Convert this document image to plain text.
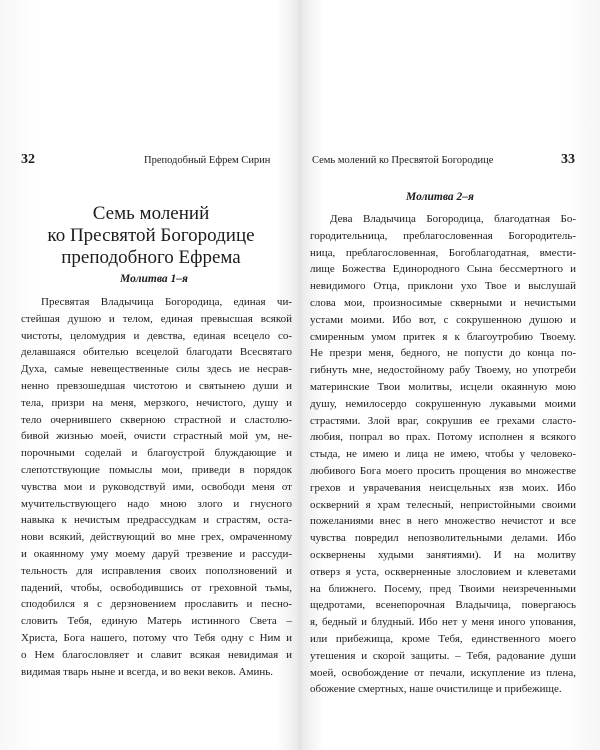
32	Преподобный Ефрем Сирин
Семь молений
ко Пресвятой Богородице
преподобного Ефрема
Молитва 1–я
Пресвятая Владычица Богородица, единая чи-
стейшая душою и телом, единая превысшая всякой
чистоты, целомудрия и девства, единая всецело со-
делавшаяся обителью всецелой благодати Всесвятаго
Духа, самые невещественные силы здесь ие несрав-
ненно превзошедшая чистотою и святынею души и
тела, призри на меня, мерзкого, нечистого, душу и
тело очернившего скверною страстной и сластолю-
бивой жизнью моей, очисти страстный мой ум, не-
порочными соделай и благоустрой блуждающие и
слепотствующие помыслы мои, приведи в порядок
чувства мои и руководствуй ими, освободи меня от
мучительствующего надо мною злого и гнусного
навыка к нечистым предрассудкам и страстям, оста-
нови всякий, действующий во мне грех, омраченному
и окаянному уму моему даруй трезвение и рассуди-
тельность для исправления своих поползновений и
падений, чтобы, освободившись от греховной тьмы,
сподобился я с дерзновением прославить и песно-
словить Тебя, единую Матерь истинного Света –
Христа, Бога нашего, потому что Тебя одну с Ним и
о Нем благословляет и славит всякая невидимая и
видимая тварь ныне и всегда, и во веки веков. Аминь.
Семь молений ко Пресвятой Богородице	33
Молитва 2–я
Дева Владычица Богородица, благодатная Бо-
городительница, преблагословенная Богородитель-
ница, преблагословенная, Богоблагодатная, вмести-
лище Божества Единородного Сына бессмертного и
невидимого Отца, приклони ухо Твое и выслушай
слова мои, произносимые скверными и нечистыми
устами моими. Ибо вот, с сокрушенною душою и
смиренным умом притек я к благоутробию Твоему.
Не презри меня, бедного, не попусти до конца по-
гибнуть мне, недостойному рабу Твоему, но употреби
материнские Твои молитвы, исцели окаянную мою
душу, немилосердо сокрушенную лукавыми моими
страстями. Злой враг, сокрушив ее грехами сласто-
любия, попрал во прах. Потому исполнен я всякого
стыда, не имею и лица не имею, чтобы у человеко-
любивого Бога моего просить прощения во множестве
грехов и уврачевания неисцельных язв моих. Ибо
оскверний я храм телесный, непристойными своими
пожеланиями внес в него множество нечистот и все
чувства повредил непозволительными делами. Ибо
осквернены худыми занятиями). И на молитву
отверз я уста, оскверненные злословием и клеветами
на ближнего. Посему, пред Твоими неизреченными
щедротами, всенепорочная Владычица, повергаюсь
я, бедный и блудный. Ибо нет у меня иного упования,
или прибежища, кроме Тебя, единственного моего
утешения и скорой защиты. – Тебя, радование души
моей, освобождение от печали, искупление из плена,
обожение смертных, наше очистилище и прибежище.
